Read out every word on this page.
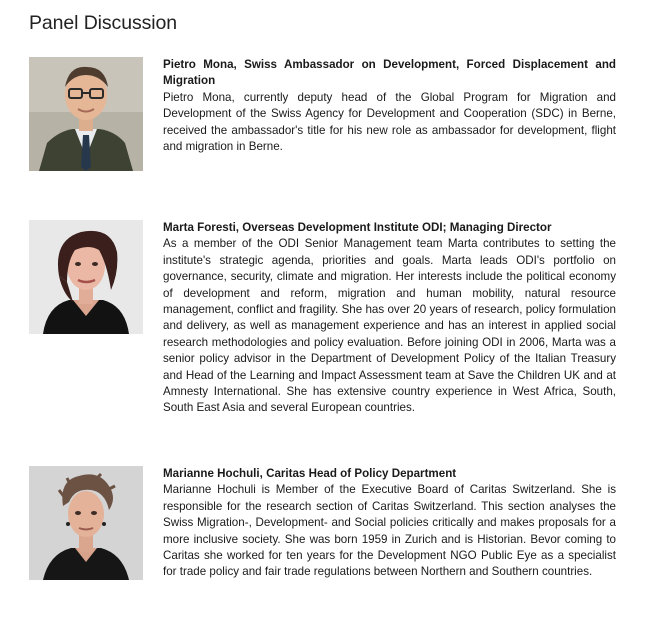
Panel Discussion
Pietro Mona, Swiss Ambassador on Development, Forced Displacement and Migration
Pietro Mona, currently deputy head of the Global Program for Migration and Development of the Swiss Agency for Development and Cooperation (SDC) in Berne, received the ambassador's title for his new role as ambassador for development, flight and migration in Berne.
Marta Foresti, Overseas Development Institute ODI; Managing Director
As a member of the ODI Senior Management team Marta contributes to setting the institute's strategic agenda, priorities and goals. Marta leads ODI's portfolio on governance, security, climate and migration. Her interests include the political economy of development and reform, migration and human mobility, natural resource management, conflict and fragility. She has over 20 years of research, policy formulation and delivery, as well as management experience and has an interest in applied social research methodologies and policy evaluation. Before joining ODI in 2006, Marta was a senior policy advisor in the Department of Development Policy of the Italian Treasury and Head of the Learning and Impact Assessment team at Save the Children UK and at Amnesty International. She has extensive country experience in West Africa, South, South East Asia and several European countries.
Marianne Hochuli, Caritas Head of Policy Department
Marianne Hochuli is Member of the Executive Board of Caritas Switzerland. She is responsible for the research section of Caritas Switzerland. This section analyses the Swiss Migration-, Development- and Social policies critically and makes proposals for a more inclusive society. She was born 1959 in Zurich and is Historian. Bevor coming to Caritas she worked for ten years for the Development NGO Public Eye as a specialist for trade policy and fair trade regulations between Northern and Southern countries.
